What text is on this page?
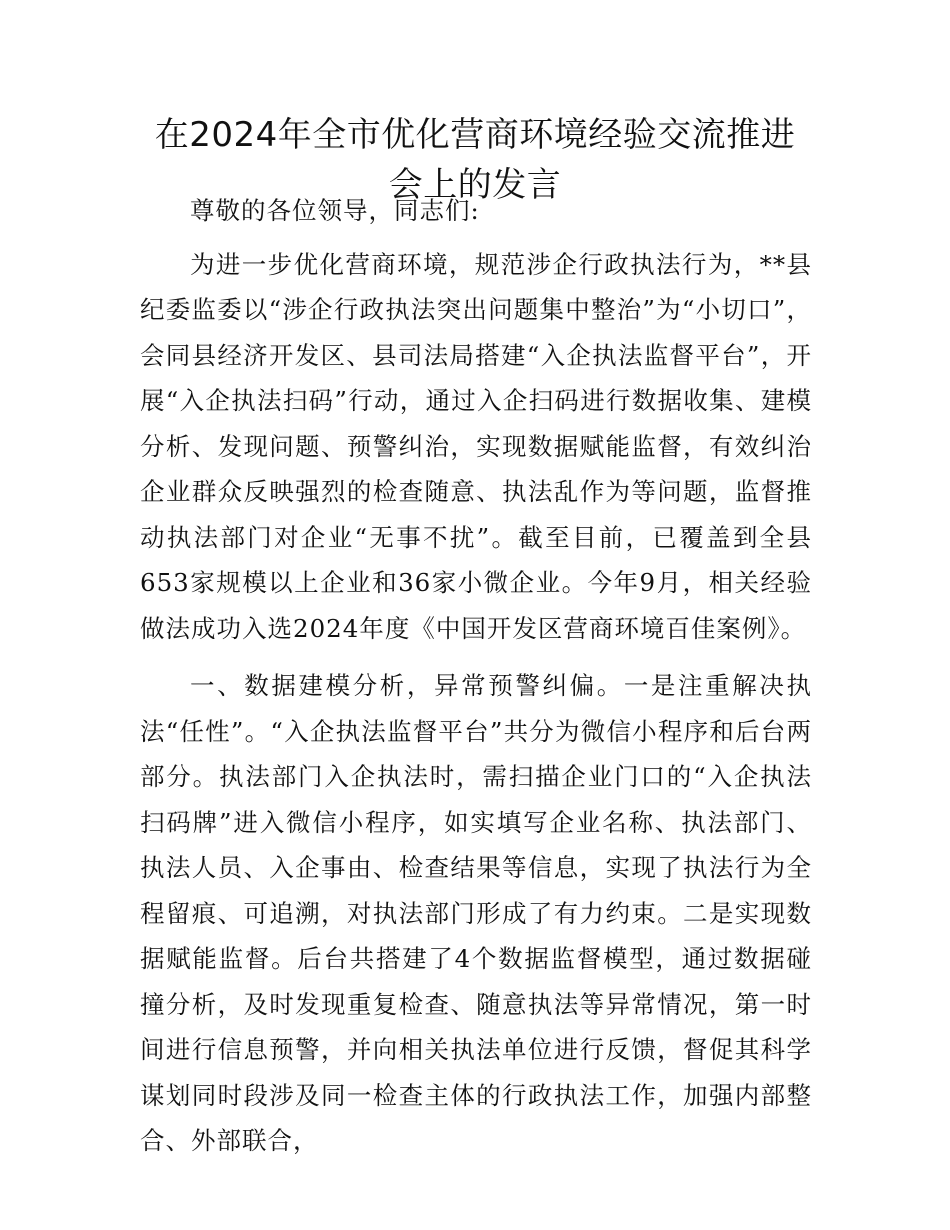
在2024年全市优化营商环境经验交流推进会上的发言

尊敬的各位领导，同志们:

为进一步优化营商环境，规范涉企行政执法行为，**县纪委监委以“涉企行政执法突出问题集中整治”为“小切口”，会同县经济开发区、县司法局搭建“入企执法监督平台”，开展“入企执法扫码”行动，通过入企扫码进行数据收集、建模分析、发现问题、预警纠治，实现数据赋能监督，有效纠治企业群众反映强烈的检查随意、执法乱作为等问题，监督推动执法部门对企业“无事不扰”。截至目前，已覆盖到全县653家规模以上企业和36家小微企业。今年9月，相关经验做法成功入选2024年度《中国开发区营商环境百佳案例》。

一、数据建模分析，异常预警纠偏。一是注重解决执法“任性”。“入企执法监督平台”共分为微信小程序和后台两部分。执法部门入企执法时，需扫描企业门口的“入企执法扫码牌”进入微信小程序，如实填写企业名称、执法部门、执法人员、入企事由、检查结果等信息，实现了执法行为全程留痕、可追溯，对执法部门形成了有力约束。二是实现数据赋能监督。后台共搭建了4个数据监督模型，通过数据碰撞分析，及时发现重复检查、随意执法等异常情况，第一时间进行信息预警，并向相关执法单位进行反馈，督促其科学谋划同时段涉及同一检查主体的行政执法工作，加强内部整合、外部联合，
